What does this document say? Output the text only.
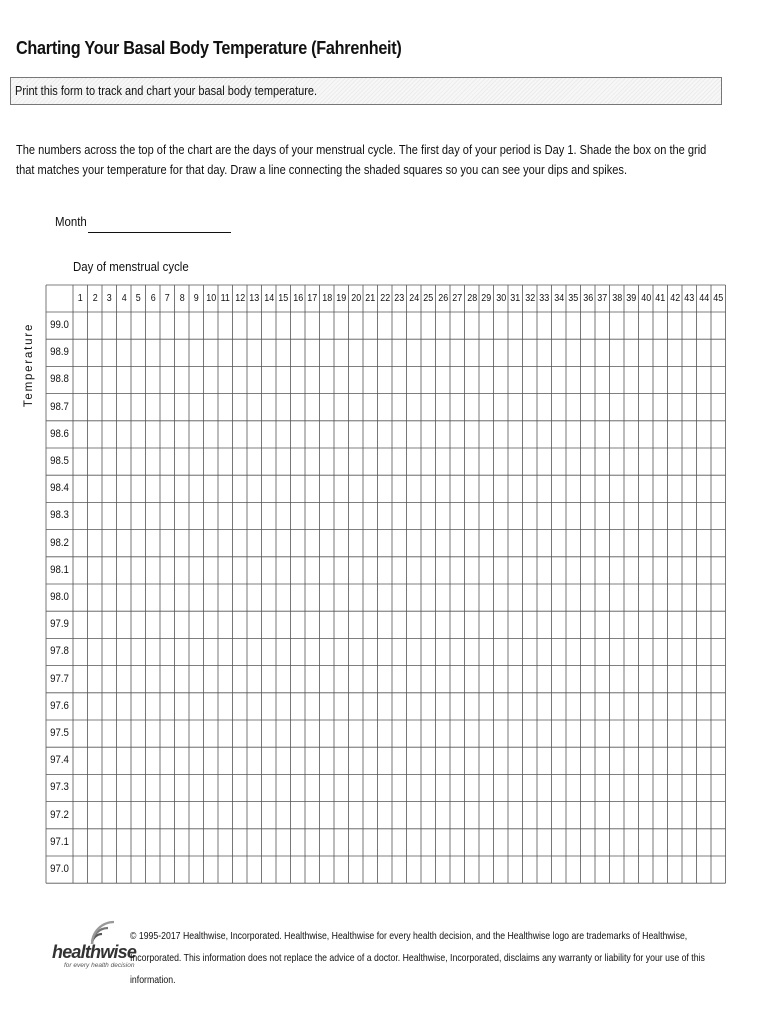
Charting Your Basal Body Temperature (Fahrenheit)
Print this form to track and chart your basal body temperature.
The numbers across the top of the chart are the days of your menstrual cycle. The first day of your period is Day 1. Shade the box on the grid
that matches your temperature for that day. Draw a line connecting the shaded squares so you can see your dips and spikes.
Month
Day of menstrual cycle
Temperature
1 2 3 4 5 6 7 8 9 10 11 12 13 14 15 16 17 18 19 20 21 22 23 24 25 26 27 28 29 30 31 32 33 34 35 36 37 38 39 40 41 42 43 44 45
99.0
98.9
98.8
98.7
98.6
98.5
98.4
98.3
98.2
98.1
98.0
97.9
97.8
97.7
97.6
97.5
97.4
97.3
97.2
97.1
97.0
healthwise
for every health decision
© 1995-2017 Healthwise, Incorporated. Healthwise, Healthwise for every health decision, and the Healthwise logo are trademarks of Healthwise,
Incorporated. This information does not replace the advice of a doctor. Healthwise, Incorporated, disclaims any warranty or liability for your use of this
information.
